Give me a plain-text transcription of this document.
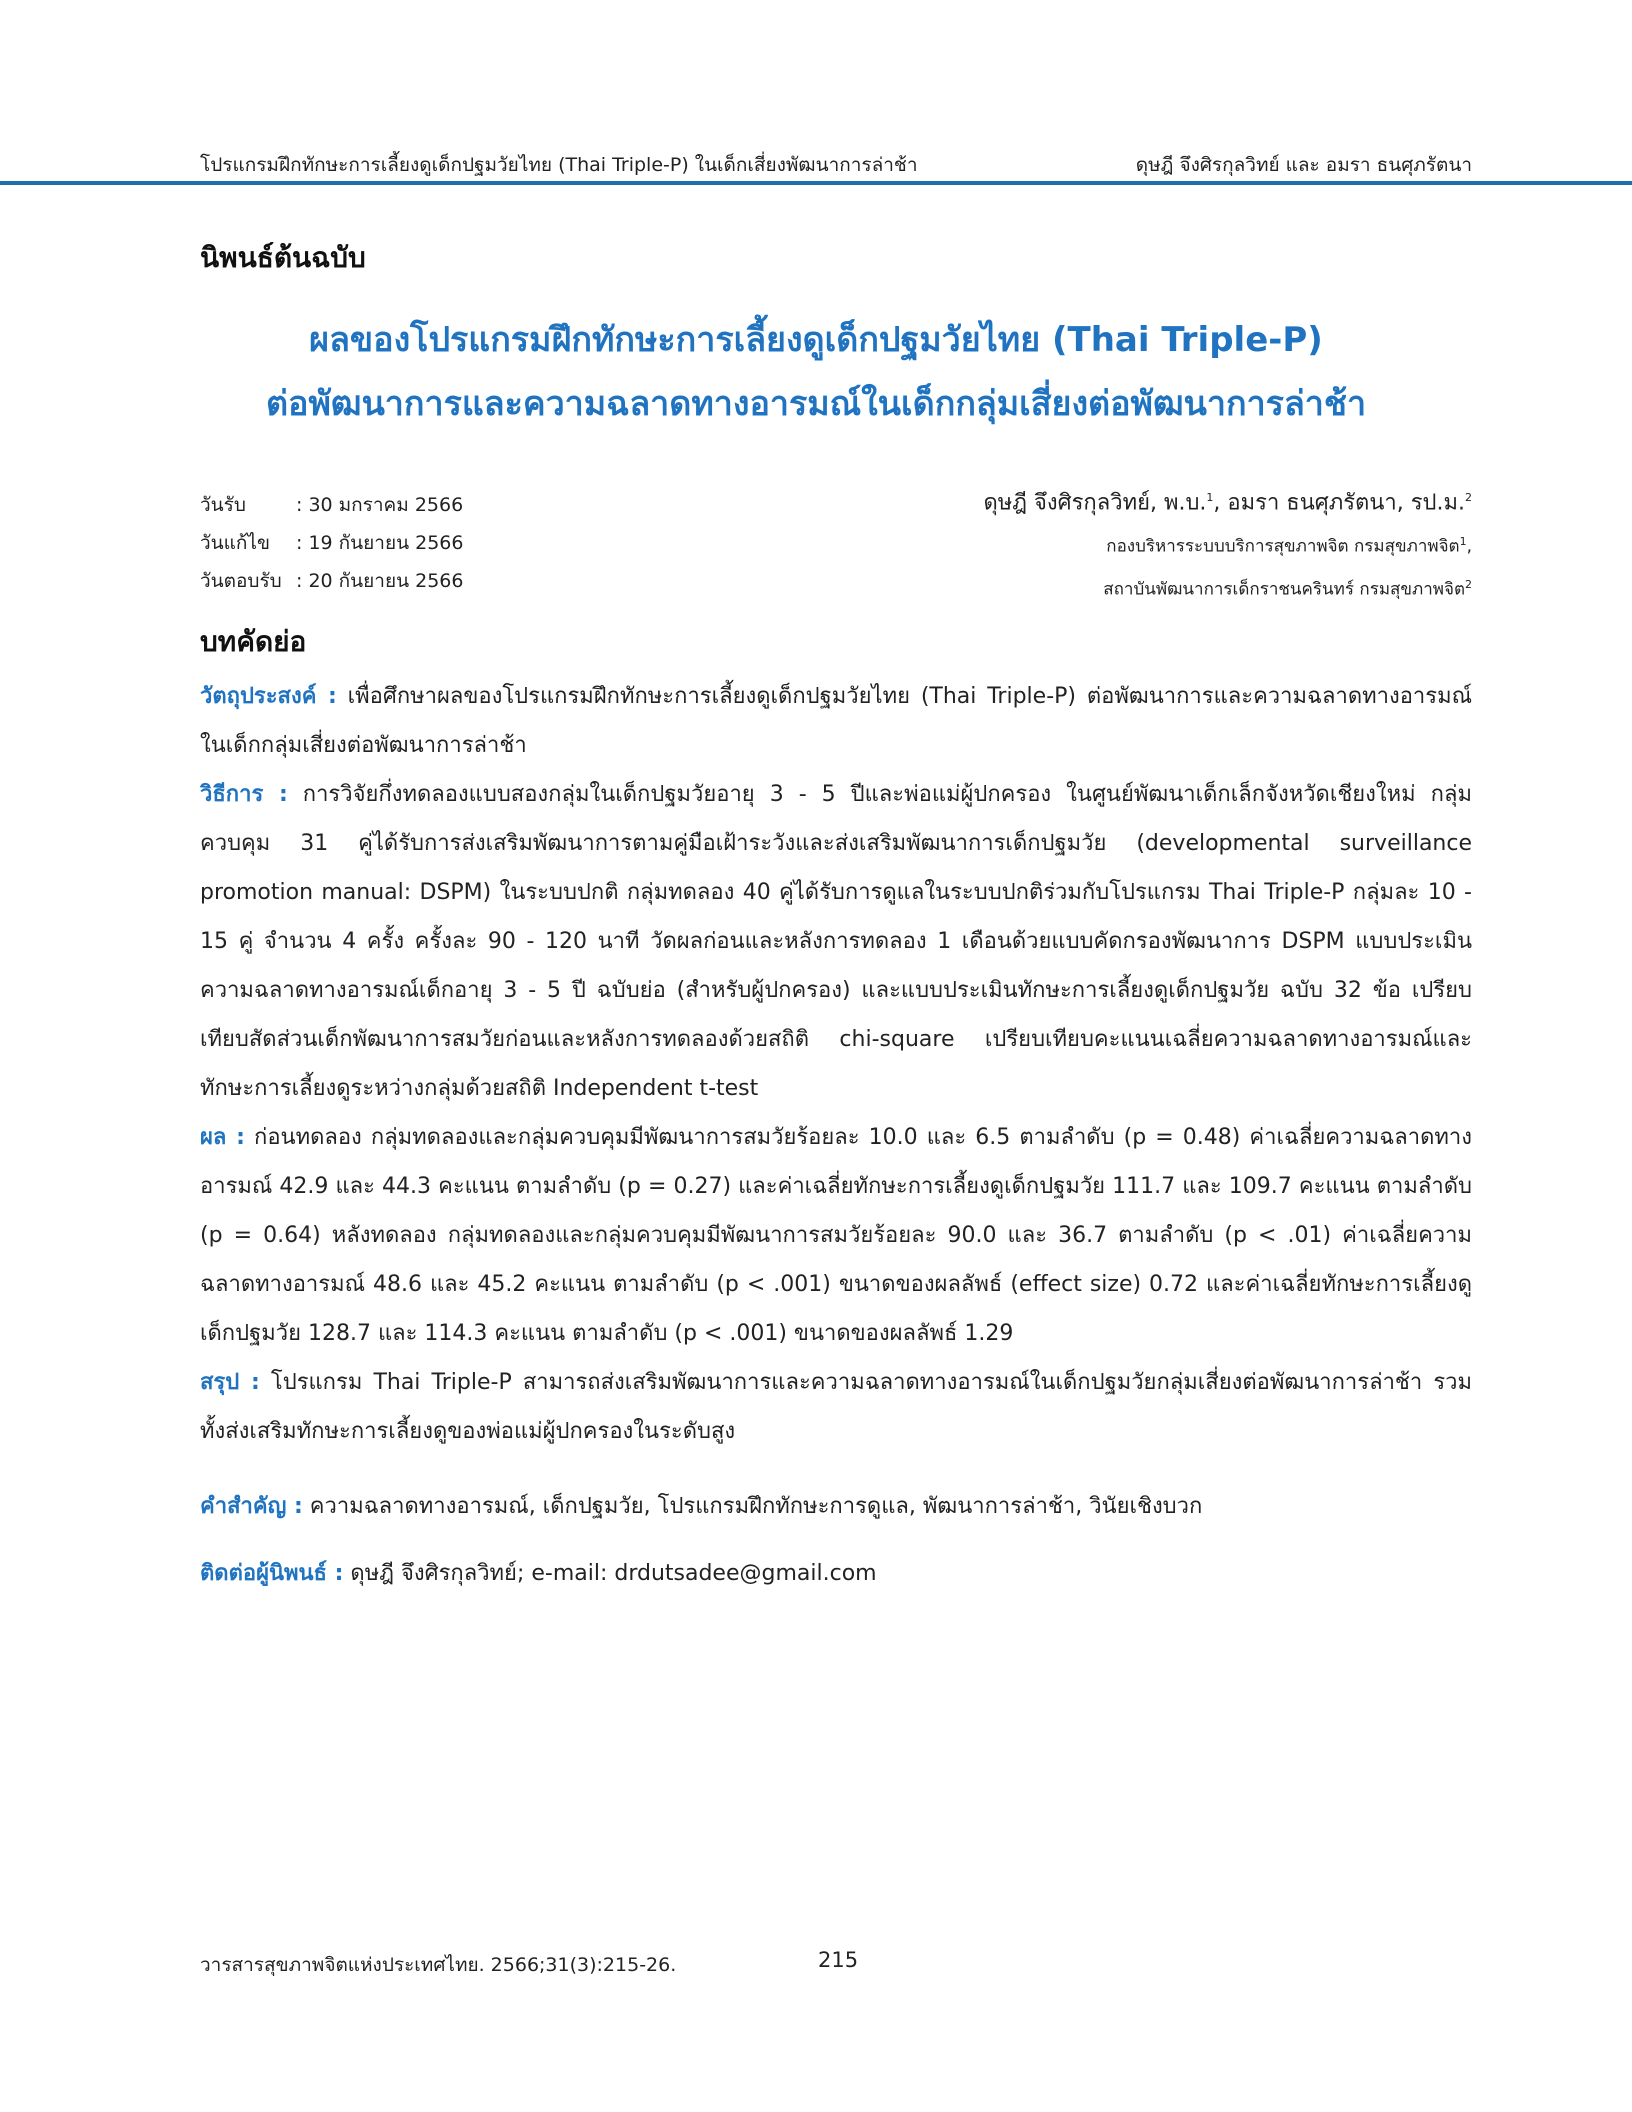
โปรแกรมฝึกทักษะการเลี้ยงดูเด็กปฐมวัยไทย (Thai Triple-P) ในเด็กเสี่ยงพัฒนาการล่าช้า	ดุษฎี จึงศิรกุลวิทย์ และ อมรา ธนศุภรัตนา
นิพนธ์ต้นฉบับ
ผลของโปรแกรมฝึกทักษะการเลี้ยงดูเด็กปฐมวัยไทย (Thai Triple-P)
ต่อพัฒนาการและความฉลาดทางอารมณ์ในเด็กกลุ่มเสี่ยงต่อพัฒนาการล่าช้า
วันรับ	: 30 มกราคม 2566
วันแก้ไข	: 19 กันยายน 2566
วันตอบรับ : 20 กันยายน 2566
ดุษฎี จึงศิรกุลวิทย์, พ.บ.$^1$, อมรา ธนศุภรัตนา, รป.ม.$^2$
กองบริหารระบบบริการสุขภาพจิต กรมสุขภาพจิต$^1$,
สถาบันพัฒนาการเด็กราชนครินทร์ กรมสุขภาพจิต$^2$
บทคัดย่อ

วัตถุประสงค์ : เพื่อศึกษาผลของโปรแกรมฝึกทักษะการเลี้ยงดูเด็กปฐมวัยไทย (Thai Triple-P) ต่อพัฒนาการและความฉลาดทางอารมณ์ในเด็กกลุ่มเสี่ยงต่อพัฒนาการล่าช้า

วิธีการ : การวิจัยกึ่งทดลองแบบสองกลุ่มในเด็กปฐมวัยอายุ 3 - 5 ปีและพ่อแม่ผู้ปกครอง ในศูนย์พัฒนาเด็กเล็กจังหวัดเชียงใหม่ กลุ่มควบคุม 31 คู่ได้รับการส่งเสริมพัฒนาการตามคู่มือเฝ้าระวังและส่งเสริมพัฒนาการเด็กปฐมวัย (developmental surveillance promotion manual: DSPM) ในระบบปกติ กลุ่มทดลอง 40 คู่ได้รับการดูแลในระบบปกติร่วมกับโปรแกรม Thai Triple-P กลุ่มละ 10 - 15 คู่ จำนวน 4 ครั้ง ครั้งละ 90 - 120 นาที วัดผลก่อนและหลังการทดลอง 1 เดือนด้วยแบบคัดกรองพัฒนาการ DSPM แบบประเมินความฉลาดทางอารมณ์เด็กอายุ 3 - 5 ปี ฉบับย่อ (สำหรับผู้ปกครอง) และแบบประเมินทักษะการเลี้ยงดูเด็กปฐมวัย ฉบับ 32 ข้อ เปรียบเทียบสัดส่วนเด็กพัฒนาการสมวัยก่อนและหลังการทดลองด้วยสถิติ chi-square เปรียบเทียบคะแนนเฉลี่ยความฉลาดทางอารมณ์และทักษะการเลี้ยงดูระหว่างกลุ่มด้วยสถิติ Independent t-test

ผล : ก่อนทดลอง กลุ่มทดลองและกลุ่มควบคุมมีพัฒนาการสมวัยร้อยละ 10.0 และ 6.5 ตามลำดับ (p = 0.48) ค่าเฉลี่ยความฉลาดทางอารมณ์ 42.9 และ 44.3 คะแนน ตามลำดับ (p = 0.27) และค่าเฉลี่ยทักษะการเลี้ยงดูเด็กปฐมวัย 111.7 และ 109.7 คะแนน ตามลำดับ (p = 0.64) หลังทดลอง กลุ่มทดลองและกลุ่มควบคุมมีพัฒนาการสมวัยร้อยละ 90.0 และ 36.7 ตามลำดับ (p < .01) ค่าเฉลี่ยความฉลาดทางอารมณ์ 48.6 และ 45.2 คะแนน ตามลำดับ (p < .001) ขนาดของผลลัพธ์ (effect size) 0.72 และค่าเฉลี่ยทักษะการเลี้ยงดูเด็กปฐมวัย 128.7 และ 114.3 คะแนน ตามลำดับ (p < .001) ขนาดของผลลัพธ์ 1.29

สรุป : โปรแกรม Thai Triple-P สามารถส่งเสริมพัฒนาการและความฉลาดทางอารมณ์ในเด็กปฐมวัยกลุ่มเสี่ยงต่อพัฒนาการล่าช้า รวมทั้งส่งเสริมทักษะการเลี้ยงดูของพ่อแม่ผู้ปกครองในระดับสูง

คำสำคัญ : ความฉลาดทางอารมณ์, เด็กปฐมวัย, โปรแกรมฝึกทักษะการดูแล, พัฒนาการล่าช้า, วินัยเชิงบวก
ติดต่อผู้นิพนธ์ : ดุษฎี จึงศิรกุลวิทย์; e-mail: drdutsadee@gmail.com
วารสารสุขภาพจิตแห่งประเทศไทย. 2566;31(3):215-26.	215
